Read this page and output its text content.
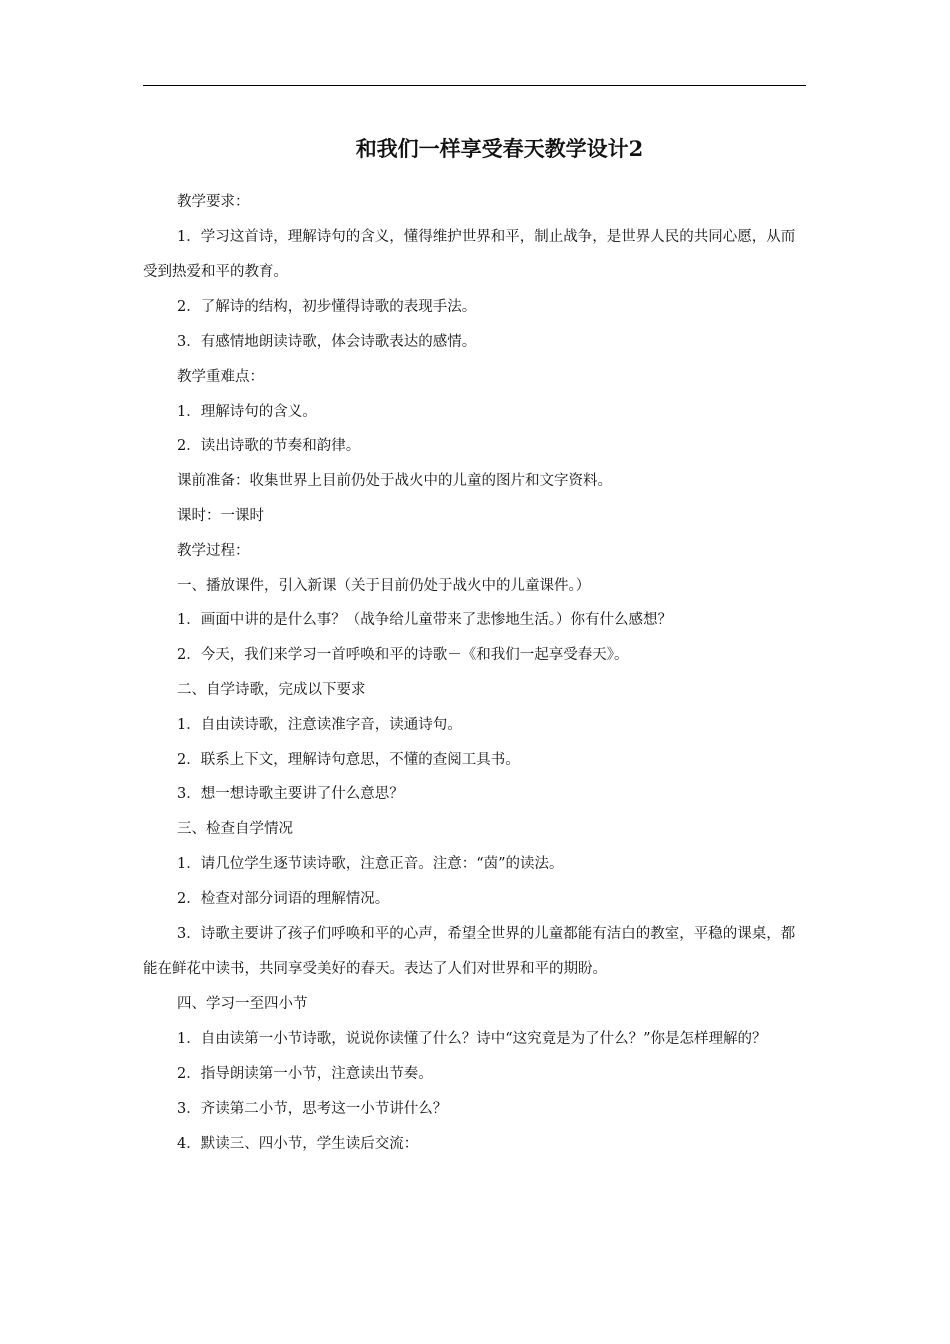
和我们一样享受春天教学设计2

教学要求：

1．学习这首诗，理解诗句的含义，懂得维护世界和平，制止战争，是世界人民的共同心愿，从而受到热爱和平的教育。

2．了解诗的结构，初步懂得诗歌的表现手法。

3．有感情地朗读诗歌，体会诗歌表达的感情。

教学重难点：

1．理解诗句的含义。

2．读出诗歌的节奏和韵律。

课前准备：收集世界上目前仍处于战火中的儿童的图片和文字资料。

课时：一课时

教学过程：

一、播放课件，引入新课（关于目前仍处于战火中的儿童课件。）

1．画面中讲的是什么事？（战争给儿童带来了悲惨地生活。）你有什么感想？

2．今天，我们来学习一首呼唤和平的诗歌－《和我们一起享受春天》。

二、自学诗歌，完成以下要求

1．自由读诗歌，注意读准字音，读通诗句。

2．联系上下文，理解诗句意思，不懂的查阅工具书。

3．想一想诗歌主要讲了什么意思？

三、检查自学情况

1．请几位学生逐节读诗歌，注意正音。注意：“茵”的读法。

2．检查对部分词语的理解情况。

3．诗歌主要讲了孩子们呼唤和平的心声，希望全世界的儿童都能有洁白的教室，平稳的课桌，都能在鲜花中读书，共同享受美好的春天。表达了人们对世界和平的期盼。

四、学习一至四小节

1．自由读第一小节诗歌，说说你读懂了什么？诗中“这究竟是为了什么？”你是怎样理解的？

2．指导朗读第一小节，注意读出节奏。

3．齐读第二小节，思考这一小节讲什么？

4．默读三、四小节，学生读后交流：
